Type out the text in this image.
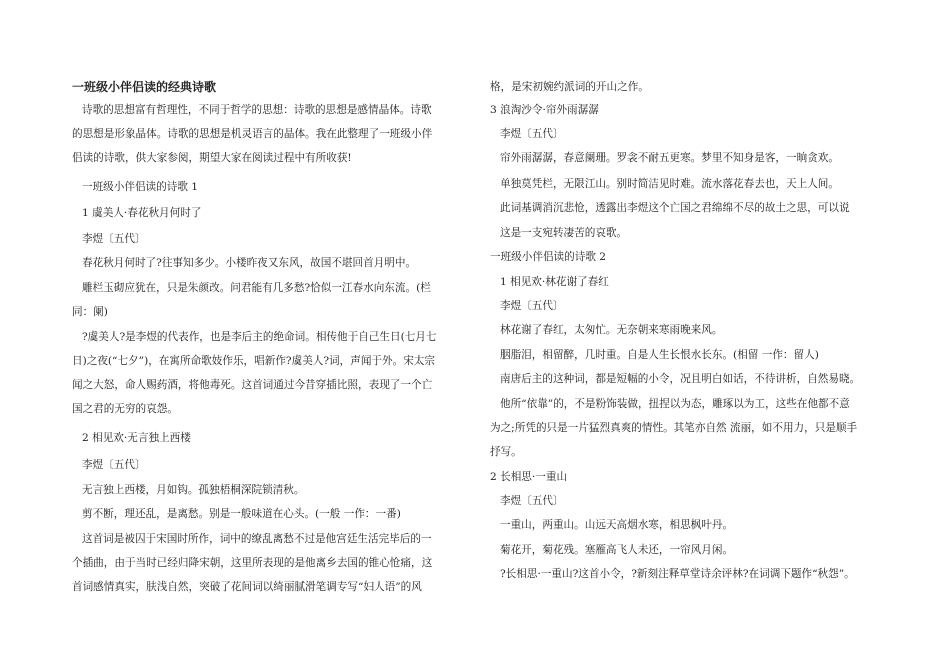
一班级小伴侣读的经典诗歌
诗歌的思想富有哲理性，不同于哲学的思想：诗歌的思想是感情晶体。诗歌
的思想是形象晶体。诗歌的思想是机灵语言的晶体。我在此整理了一班级小伴
侣读的诗歌，供大家参阅，期望大家在阅读过程中有所收获!
一班级小伴侣读的诗歌 1
1 虞美人·春花秋月何时了
李煜〔五代〕
春花秋月何时了?往事知多少。小楼昨夜又东风，故国不堪回首月明中。
雕栏玉砌应犹在，只是朱颜改。问君能有几多愁?恰似一江春水向东流。(栏
同：阑)
?虞美人?是李煜的代表作，也是李后主的绝命词。相传他于自己生日(七月七
日)之夜(“七夕”)，在寓所命歌妓作乐，唱新作?虞美人?词，声闻于外。宋太宗
闻之大怒，命人赐药酒，将他毒死。这首词通过今昔穿插比照，表现了一个亡
国之君的无穷的哀怨。
2 相见欢·无言独上西楼
李煜〔五代〕
无言独上西楼，月如钩。孤独梧桐深院锁清秋。
剪不断，理还乱，是离愁。别是一般味道在心头。(一般 一作：一番)
这首词是被囚于宋国时所作，词中的缭乱离愁不过是他宫廷生活完毕后的一
个插曲，由于当时已经归降宋朝，这里所表现的是他离乡去国的锥心怆痛，这
首词感情真实，肤浅自然，突破了花间词以绮丽腻滑笔调专写“妇人语”的风
格，是宋初婉约派词的开山之作。
3 浪淘沙令·帘外雨潺潺
李煜〔五代〕
帘外雨潺潺，春意阑珊。罗衾不耐五更寒。梦里不知身是客，一晌贪欢。
单独莫凭栏，无限江山。别时简洁见时难。流水落花春去也，天上人间。
此词基调消沉悲怆，透露出李煜这个亡国之君绵绵不尽的故土之思，可以说
这是一支宛转凄苦的哀歌。
一班级小伴侣读的诗歌 2
1 相见欢·林花谢了春红
李煜〔五代〕
林花谢了春红，太匆忙。无奈朝来寒雨晚来风。
胭脂泪，相留醉，几时重。自是人生长恨水长东。(相留 一作：留人)
南唐后主的这种词，都是短幅的小令，况且明白如话，不待讲析，自然易晓。
他所“依靠”的，不是粉饰装做，扭捏以为态，雕琢以为工，这些在他都不意
为之;所凭的只是一片猛烈真爽的情性。其笔亦自然 流丽，如不用力，只是顺手
抒写。
2 长相思·一重山
李煜〔五代〕
一重山，两重山。山远天高烟水寒，相思枫叶丹。
菊花开，菊花残。塞雁高飞人未还，一帘风月闲。
?长相思·一重山?这首小令，?新刻注释草堂诗余评林?在词调下题作“秋怨”。
